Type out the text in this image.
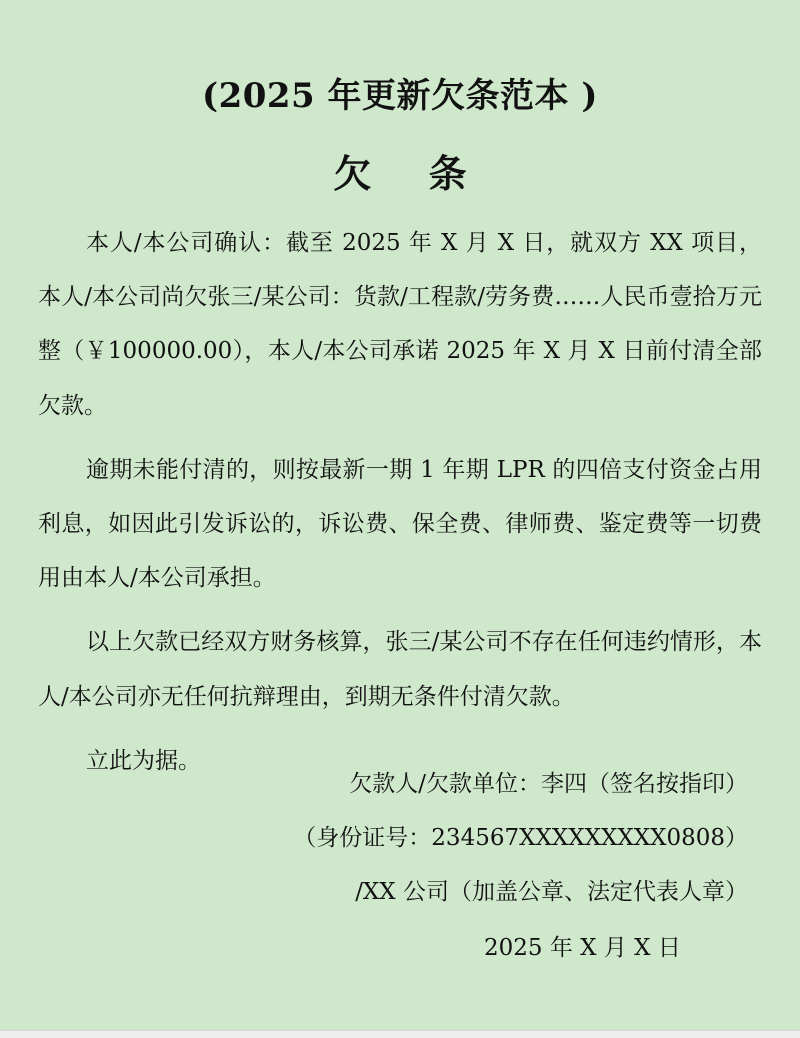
(2025 年更新欠条范本 )
欠 条

本人/本公司确认：截至 2025 年 X 月 X 日，就双方 XX 项目， 本人/本公司尚欠张三/某公司：货款/工程款/劳务费……人民币壹拾万元整（￥100000.00），本人/本公司承诺 2025 年 X 月 X 日前付清全部欠款。

逾期未能付清的，则按最新一期 1 年期 LPR 的四倍支付资金占用利息，如因此引发诉讼的，诉讼费、保全费、律师费、鉴定费等一切费用由本人/本公司承担。

以上欠款已经双方财务核算，张三/某公司不存在任何违约情形，本人/本公司亦无任何抗辩理由，到期无条件付清欠款。

立此为据。

欠款人/欠款单位：李四（签名按指印）
（身份证号：234567XXXXXXXXX0808）
/XX 公司（加盖公章、法定代表人章）
2025 年 X 月 X 日
